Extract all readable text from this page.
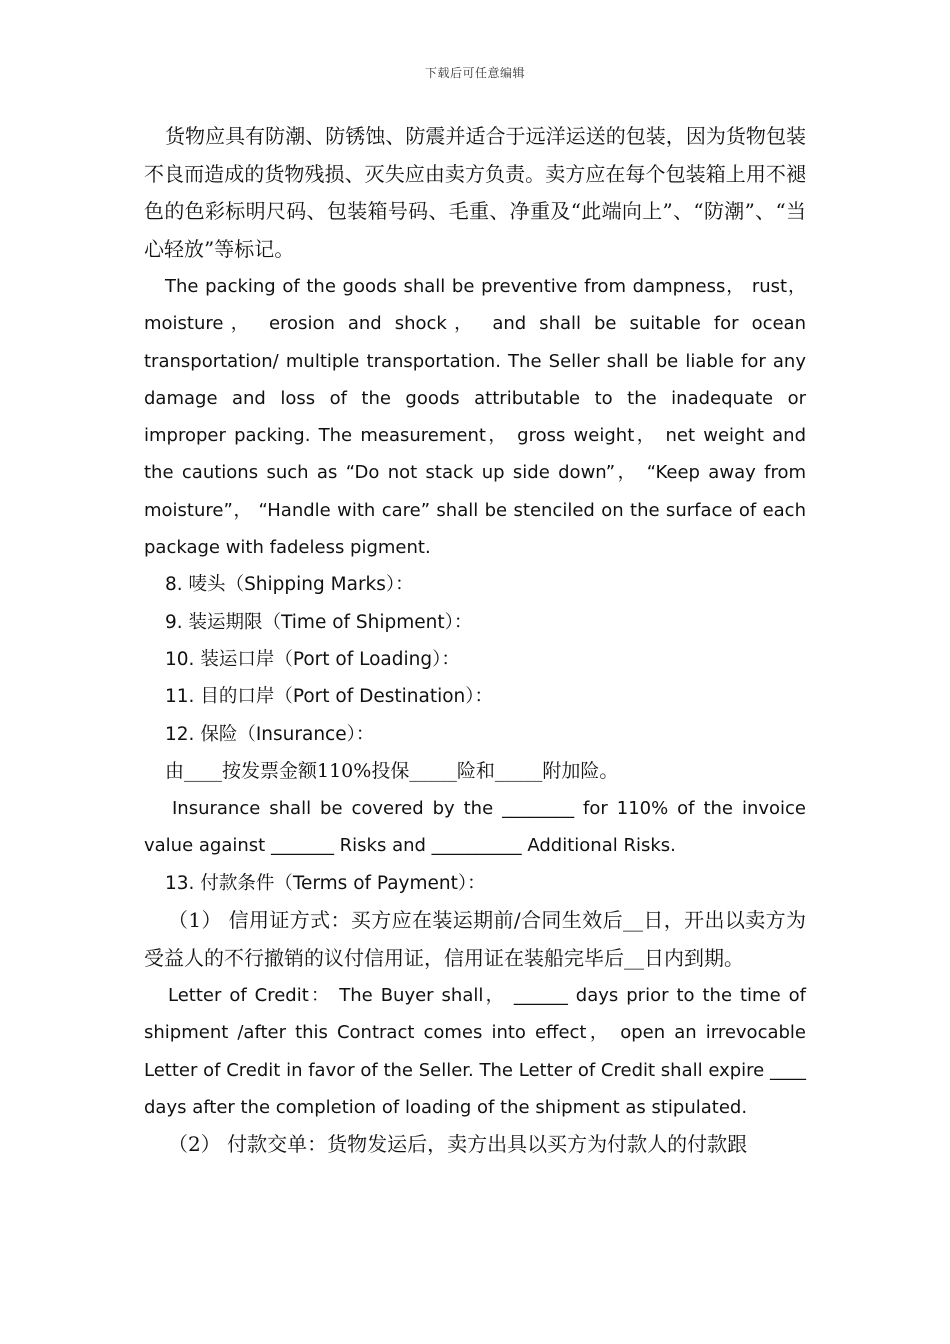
下载后可任意编辑

货物应具有防潮、防锈蚀、防震并适合于远洋运送的包装，因为货物包装不良而造成的货物残损、灭失应由卖方负责。卖方应在每个包装箱上用不褪色的色彩标明尺码、包装箱号码、毛重、净重及“此端向上”、“防潮”、“当心轻放”等标记。

The packing of the goods shall be preventive from dampness， rust， moisture， erosion and shock， and shall be suitable for ocean transportation/ multiple transportation. The Seller shall be liable for any damage and loss of the goods attributable to the inadequate or improper packing. The measurement， gross weight， net weight and the cautions such as “Do not stack up side down”， “Keep away from moisture”， “Handle with care” shall be stenciled on the surface of each package with fadeless pigment.

8. 唛头（Shipping Marks）：

9. 装运期限（Time of Shipment）：

10. 装运口岸（Port of Loading）：

11. 目的口岸（Port of Destination）：

12. 保险（Insurance）：

由____按发票金额110%投保_____险和_____附加险。

Insurance shall be covered by the ________ for 110% of the invoice value against _______ Risks and __________ Additional Risks.

13. 付款条件（Terms of Payment）：

（1） 信用证方式：买方应在装运期前/合同生效后__日，开出以卖方为受益人的不行撤销的议付信用证，信用证在装船完毕后__日内到期。

Letter of Credit： The Buyer shall， ______ days prior to the time of shipment /after this Contract comes into effect， open an irrevocable Letter of Credit in favor of the Seller. The Letter of Credit shall expire ____ days after the completion of loading of the shipment as stipulated.

（2） 付款交单：货物发运后，卖方出具以买方为付款人的付款跟
